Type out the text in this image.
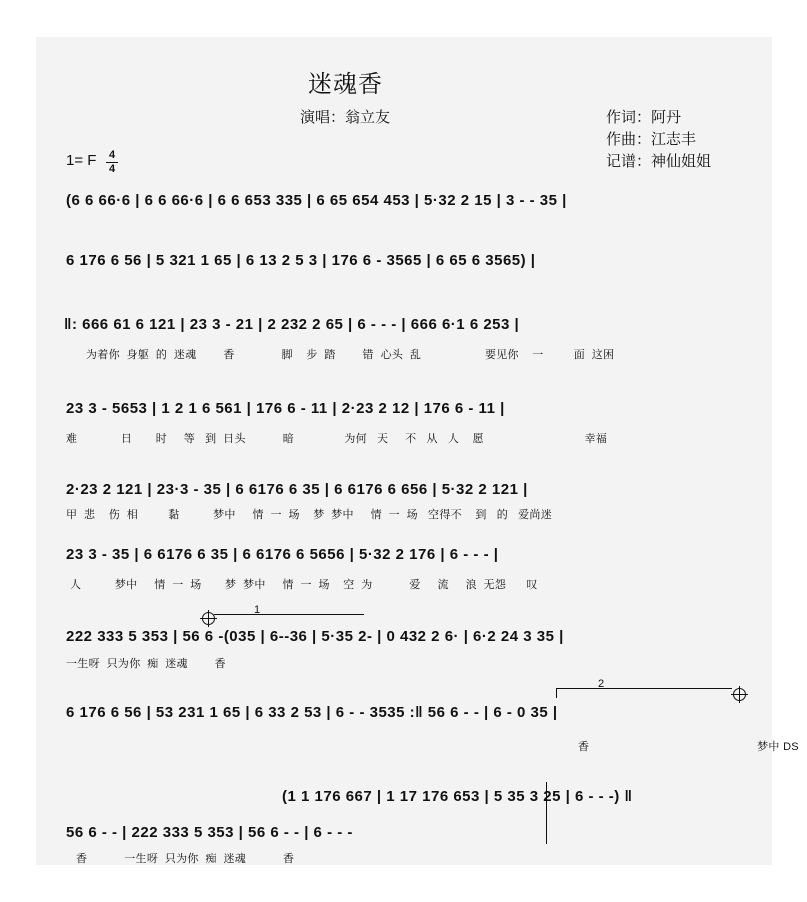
迷魂香
演唱：翁立友	作词：阿丹
作曲：江志丰
记谱：神仙姐姐
1= F 4
4
(6 6 66·6 | 6 6 66·6 | 6 6 653 335 | 6 65 654 453 | 5·32 2 15 | 3 - - 35 |
6 176 6 56 | 5 321 1 65 | 6 13 2 5 3 | 176 6 - 3565 | 6 65 6 3565) |
‖: 666 61 6 121 | 23 3 - 21 | 2 232 2 65 | 6 - - - | 666 6·1 6 253 |
为着你  身躯  的  迷魂        香              脚    步  踏        错  心头  乱                   要见你    一         面  这困
23 3 - 5653 | 1 2 1 6 561 | 176 6 - 11 | 2·23 2 12 | 176 6 - 11 |
难             日       时     等   到  日头           暗               为何   天     不   从   人    愿                              幸福
2·23 2 121 | 23·3 - 35 | 6 6176 6 35 | 6 6176 6 656 | 5·32 2 121 |
甲  悲    伤  相         黏          梦中     情  一  场    梦  梦中     情  一  场   空得不    到   的   爱尚迷
23 3 - 35 | 6 6176 6 35 | 6 6176 6 5656 | 5·32 2 176 | 6 - - - |
人          梦中     情  一  场       梦  梦中     情  一  场    空  为           爱     流     浪  无怨      叹
1
222 333 5 353 | 56 6 -(035 | 6--36 | 5·35 2- | 0 432 2 6· | 6·2 24 3 35 |
一生呀  只为你  痴  迷魂        香
2
6 176 6 56 | 53 231 1 65 | 6 33 2 53 | 6 - - 3535 :‖ 56 6 - - | 6 - 0 35 |
香                                                  梦中 DS
(1 1 176 667 | 1 17 176 653 | 5 35 3 25 | 6 - - -) ‖
56 6 - - | 222 333 5 353 | 56 6 - - | 6 - - -
香           一生呀  只为你  痴  迷魂           香
